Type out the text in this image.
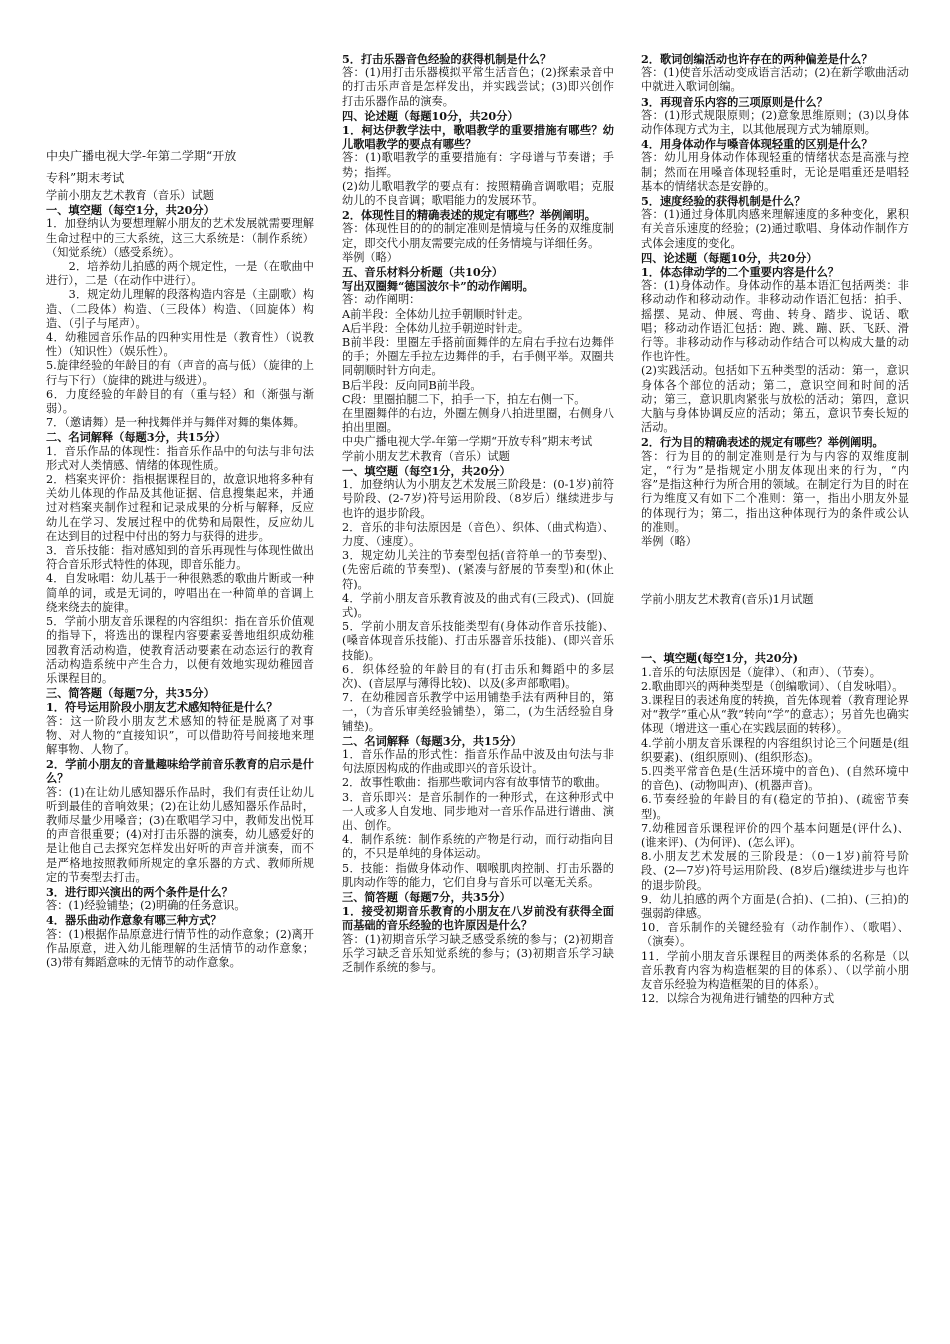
中央广播电视大学-年第二学期“开放

专科”期末考试

学前小朋友艺术教育（音乐）试题

一、填空题（每空1分，共20分）

1．加登纳认为要想理解小朋友的艺术发展就需要理解生命过程中的三大系统，这三大系统是：（制作系统）（知觉系统）（感受系统）。

　　2．培养幼儿拍感的两个规定性，一是（在歌曲中进行），二是（在动作中进行）。

　　3．规定幼儿理解的段落构造内容是（主副歌）构造、（二段体）构造、（三段体）构造、（回旋体）构造、（引子与尾声）。

4．幼稚园音乐作品的四种实用性是（教育性）（说教性）（知识性）（娱乐性）。

5.旋律经验的年龄目的有（声音的高与低）（旋律的上行与下行）（旋律的跳进与级进）。

6．力度经验的年龄目的有（重与轻）和（渐强与渐弱）。

7．（邀请舞）是一种找舞伴并与舞伴对舞的集体舞。

二、名词解释（每题3分，共15分）

1．音乐作品的体现性：指音乐作品中的句法与非句法形式对人类情感、情绪的体现性质。

2．档案夹评价：指根据课程目的，故意识地将多种有关幼儿体现的作品及其他证据、信息搜集起来，并通过对档案夹制作过程和记录成果的分析与解释，反应幼儿在学习、发展过程中的优势和局限性，反应幼儿在达到目的过程中付出的努力与获得的进步。

3．音乐技能：指对感知到的音乐再现性与体现性做出符合音乐形式特性的体现，即音乐能力。

4．自发咏唱：幼儿基于一种很熟悉的歌曲片断或一种简单的词，或是无词的，哼唱出在一种简单的音调上绕来绕去的旋律。

5．学前小朋友音乐课程的内容组织：指在音乐价值观的指导下，将选出的课程内容要素妥善地组织成幼稚园教育活动构造，使教育活动要素在动态运行的教育活动构造系统中产生合力，以便有效地实现幼稚园音乐课程目的。

三、简答题（每题7分，共35分）

1．符号运用阶段小朋友艺术感知特征是什么？

答：这一阶段小朋友艺术感知的特征是脱离了对事物、对人物的“直接知识”，可以借助符号间接地来理解事物、人物了。

2．学前小朋友的音量趣味给学前音乐教育的启示是什么？

答：(1)在让幼儿感知器乐作品时，我们有责任让幼儿听到最佳的音响效果；(2)在让幼儿感知器乐作品时，教师尽量少用嗓音；(3)在歌唱学习中，教师发出悦耳的声音很重要；(4)对打击乐器的演奏，幼儿感爱好的是让他自己去探究怎样发出好听的声音并演奏，而不是严格地按照教师所规定的拿乐器的方式、教师所规定的节奏型去打击。

3．进行即兴演出的两个条件是什么？

答：(1)经验铺垫；(2)明确的任务意识。

4．器乐曲动作意象有哪三种方式？

答：(1)根据作品原意进行情节性的动作意象；(2)离开作品原意，进入幼儿能理解的生活情节的动作意象；(3)带有舞蹈意味的无情节的动作意象。

5．打击乐器音色经验的获得机制是什么？

答：(1)用打击乐器模拟平常生活音色；(2)探索录音中的打击乐声音是怎样发出，并实践尝试；(3)即兴创作打击乐器作品的演奏。

四、论述题（每题10分，共20分）

1．柯达伊教学法中，歌唱教学的重要措施有哪些？幼儿歌唱教学的要点有哪些？

答：(1)歌唱教学的重要措施有：字母谱与节奏谱；手势；指挥。

(2)幼儿歌唱教学的要点有：按照精确音调歌唱；克服幼儿的不良音调；歌唱能力的发展环节。

2．体现性目的精确表述的规定有哪些？举例阐明。

答：体现性目的的的制定准则是情境与任务的双维度制定，即交代小朋友需要完成的任务情境与详细任务。

举例（略）

五、音乐材料分析题（共10分）

写出双圈舞“德国波尔卡”的动作阐明。

答：动作阐明：

A前半段：全体幼儿拉手朝顺时针走。

A后半段：全体幼儿拉手朝逆时针走。

B前半段：里圈左手搭前面舞伴的左肩右手拉右边舞伴的手；外圈左手拉左边舞伴的手，右手侧平举。双圈共同朝顺时针方向走。

B后半段：反向同B前半段。

C段：里圈拍腿二下，拍手一下，拍左右侧一下。

在里圈舞伴的右边，外圈左侧身八拍进里圈，右侧身八拍出里圈。

中央广播电视大学-年第一学期“开放专科”期末考试

学前小朋友艺术教育（音乐）试题

一、填空题（每空1分，共20分）

1．加登纳认为小朋友艺术发展三阶段是：(0-1岁)前符号阶段、(2-7岁)符号运用阶段、（8岁后）继续进步与也许的退步阶段。

2．音乐的非句法原因是（音色）、织体、（曲式构造）、力度、（速度）。

3．规定幼儿关注的节奏型包括(音符单一的节奏型)、(先密后疏的节奏型)、(紧凑与舒展的节奏型)和(休止符)。

4．学前小朋友音乐教育波及的曲式有(三段式)、(回旋式)。

5．学前小朋友音乐技能类型有(身体动作音乐技能)、(嗓音体现音乐技能)、打击乐器音乐技能)、(即兴音乐技能)。

6．织体经验的年龄目的有(打击乐和舞蹈中的多层次)、(音层厚与薄得比较)、以及(多声部歌唱)。

7．在幼稚园音乐教学中运用铺垫手法有两种目的，第一，（为音乐审美经验铺垫），第二，(为生活经验自身铺垫)。

二、名词解释（每题3分，共15分）

1．音乐作品的形式性：指音乐作品中波及由句法与非句法原因构成的作曲或即兴的音乐设计。

2．故事性歌曲：指那些歌词内容有故事情节的歌曲。

3．音乐即兴：是音乐制作的一种形式，在这种形式中一人或多人自发地、同步地对一音乐作品进行谱曲、演出、创作。

4．制作系统：制作系统的产物是行动，而行动指向目的，不只是单纯的身体运动。

5．技能：指做身体动作、咽喉肌肉控制、打击乐器的肌肉动作等的能力，它们自身与音乐可以毫无关系。

三、简答题（每题7分，共35分）

1．接受初期音乐教育的小朋友在八岁前没有获得全面而基础的音乐经验的也许原因是什么？

答：(1)初期音乐学习缺乏感受系统的参与；(2)初期音乐学习缺乏音乐知觉系统的参与；(3)初期音乐学习缺乏制作系统的参与。

2．歌词创编活动也许存在的两种偏差是什么？

答：(1)使音乐活动变成语言活动；(2)在新学歌曲活动中就进入歌词创编。

3．再现音乐内容的三项原则是什么？

答：(1)形式规限原则；(2)意象思维原则；(3)以身体动作体现方式为主，以其他展现方式为辅原则。

4．用身体动作与嗓音体现轻重的区别是什么？

答：幼儿用身体动作体现轻重的情绪状态是高涨与控制；然而在用嗓音体现轻重时，无论是唱重还是唱轻基本的情绪状态是安静的。

5．速度经验的获得机制是什么？

答：(1)通过身体肌肉感来理解速度的多种变化，累积有关音乐速度的经验；(2)通过歌唱、身体动作制作方式体会速度的变化。

四、论述题（每题10分，共20分）

1．体态律动学的二个重要内容是什么？

答：(1)身体动作。身体动作的基本语汇包括两类：非移动动作和移动动作。非移动动作语汇包括：拍手、摇摆、晃动、伸展、弯曲、转身、踏步、说话、歌唱；移动动作语汇包括：跑、跳、蹦、跃、飞跃、滑行等。非移动动作与移动动作结合可以构成大量的动作也许性。

(2)实践活动。包括如下五种类型的活动：第一，意识身体各个部位的活动；第二，意识空间和时间的活动；第三，意识肌肉紧张与放松的活动；第四，意识大脑与身体协调反应的活动；第五，意识节奏长短的活动。

2．行为目的精确表述的规定有哪些？举例阐明。

答：行为目的的制定准则是行为与内容的双维度制定，“行为”是指规定小朋友体现出来的行为，“内容”是指这种行为所合用的领域。在制定行为目的时在行为维度又有如下二个准则：第一，指出小朋友外显的体现行为；第二，指出这种体现行为的条件或公认的准则。

举例（略）

学前小朋友艺术教育(音乐)1月试题

一、填空题(每空1分，共20分)

1.音乐的句法原因是（旋律）、（和声）、（节奏）。

2.歌曲即兴的两种类型是（创编歌词）、（自发咏唱）。

3.课程目的表述角度的转换，首先体现着（教育理论界对“教学”重心从“教”转向“学”的意志）；另首先也确实体现（增进这一重心在实践层面的转移）。

4.学前小朋友音乐课程的内容组织讨论三个问题是(组织要素)、(组织原则)、(组织形态)。

5.四类平常音色是(生活环境中的音色)、(自然环境中的音色)、(动物叫声)、(机器声音)。

6.节奏经验的年龄目的有(稳定的节拍)、(疏密节奏型)。

7.幼稚园音乐课程评价的四个基本问题是(评什么)、(谁来评)、(为何评)、(怎么评)。

8.小朋友艺术发展的三阶段是：（0－1岁)前符号阶段、(2—7岁)符号运用阶段、(8岁后)继续进步与也许的退步阶段。

9．幼儿拍感的两个方面是(合拍)、(二拍)、(三拍)的强弱韵律感。

10．音乐制作的关键经验有（动作制作）、（歌唱）、（演奏）。

11．学前小朋友音乐课程目的两类体系的名称是（以音乐教育内容为构造框架的目的体系）、（以学前小朋友音乐经验为构造框架的目的体系）。

12．以综合为视角进行铺垫的四种方式
